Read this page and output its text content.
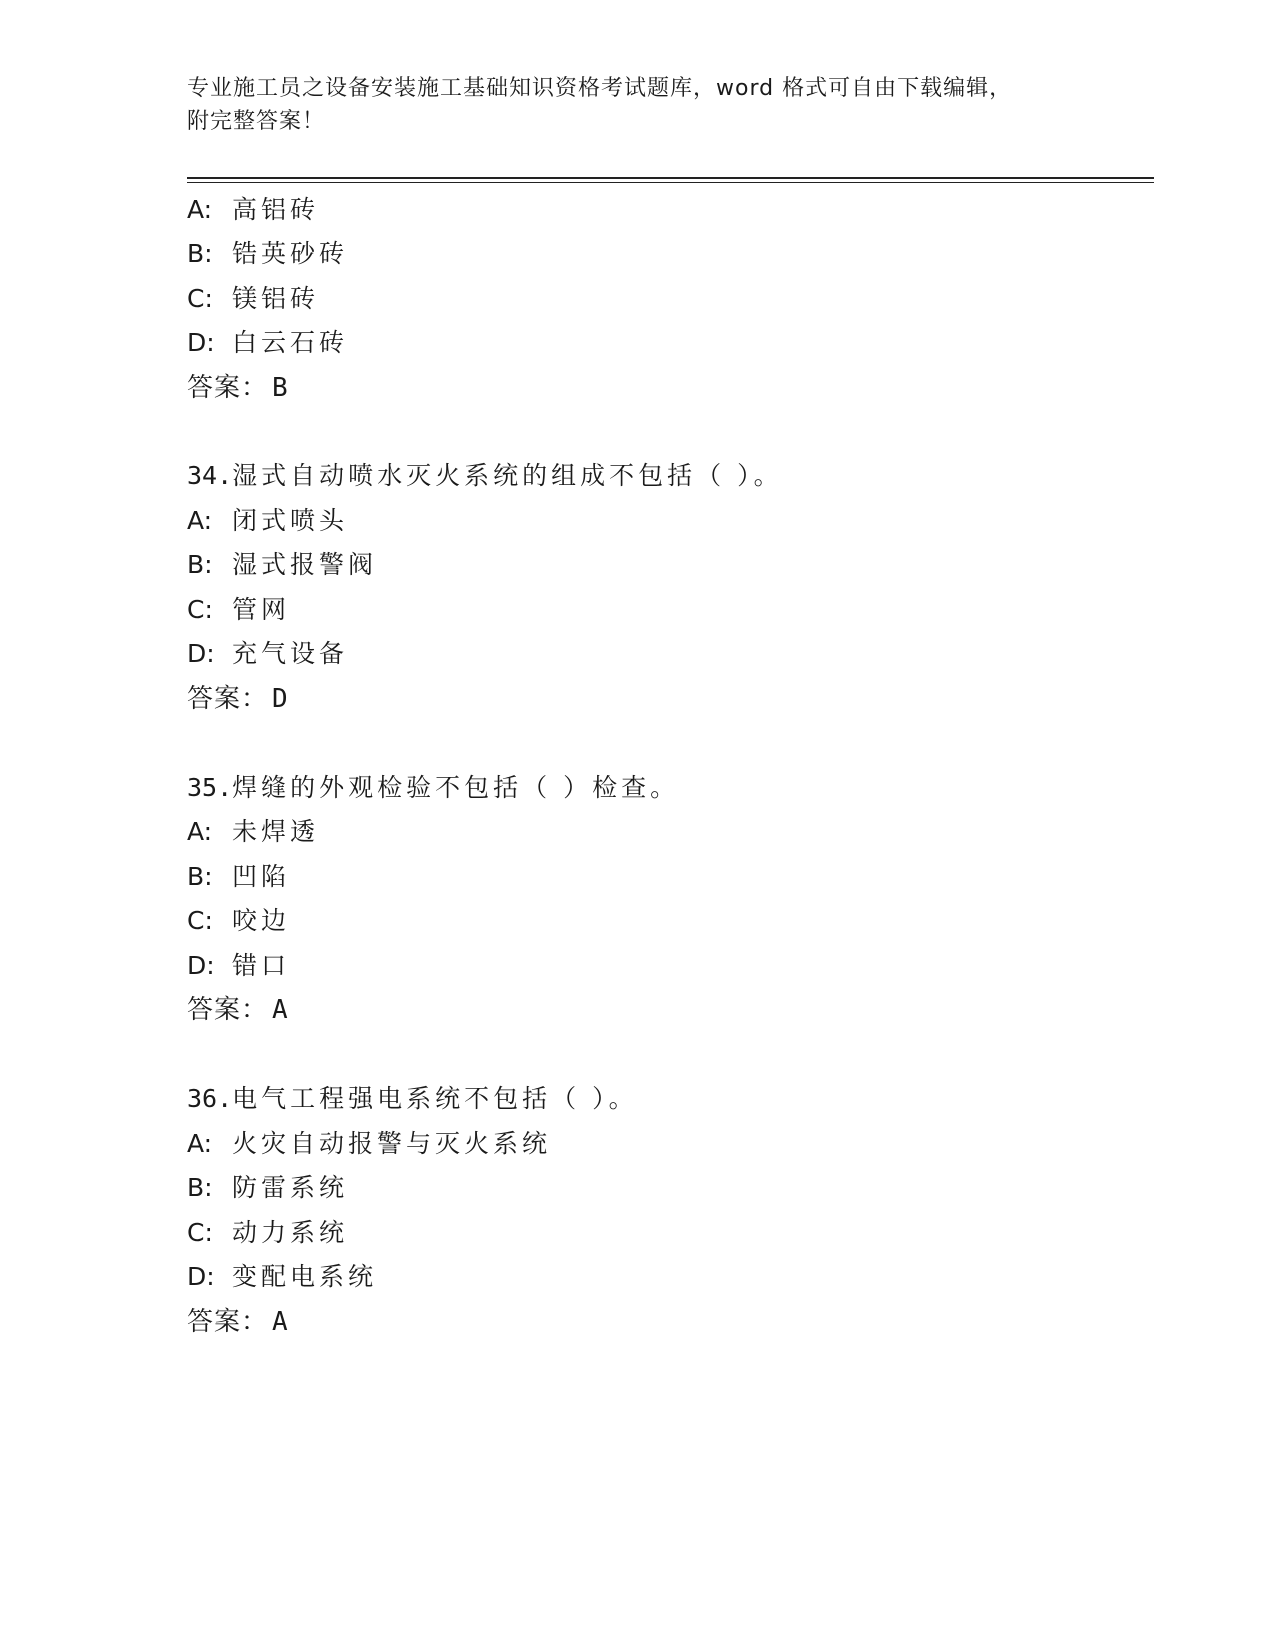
专业施工员之设备安装施工基础知识资格考试题库，word 格式可自由下载编辑，
附完整答案！
A: 高铝砖
B: 锆英砂砖
C: 镁铝砖
D: 白云石砖
答案： B
34.湿式自动喷水灭火系统的组成不包括（ ）。
A: 闭式喷头
B: 湿式报警阀
C: 管网
D: 充气设备
答案： D
35.焊缝的外观检验不包括（ ）检查。
A: 未焊透
B: 凹陷
C: 咬边
D: 错口
答案： A
36.电气工程强电系统不包括（ ）。
A: 火灾自动报警与灭火系统
B: 防雷系统
C: 动力系统
D: 变配电系统
答案： A
